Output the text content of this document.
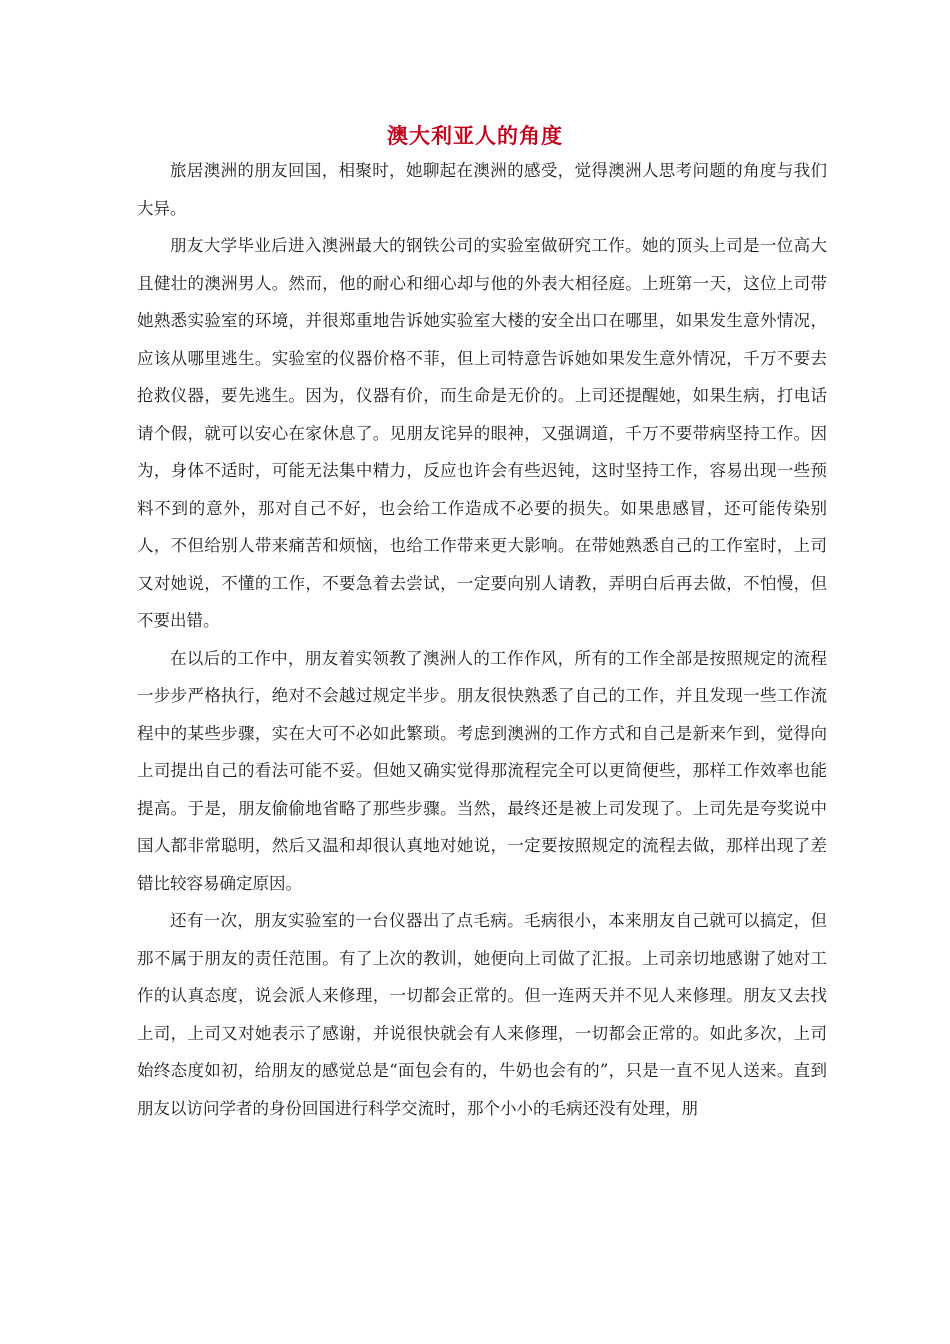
澳大利亚人的角度

旅居澳洲的朋友回国，相聚时，她聊起在澳洲的感受，觉得澳洲人思考问题的角度与我们大异。

朋友大学毕业后进入澳洲最大的钢铁公司的实验室做研究工作。她的顶头上司是一位高大且健壮的澳洲男人。然而，他的耐心和细心却与他的外表大相径庭。上班第一天，这位上司带她熟悉实验室的环境，并很郑重地告诉她实验室大楼的安全出口在哪里，如果发生意外情况，应该从哪里逃生。实验室的仪器价格不菲，但上司特意告诉她如果发生意外情况，千万不要去抢救仪器，要先逃生。因为，仪器有价，而生命是无价的。上司还提醒她，如果生病，打电话请个假，就可以安心在家休息了。见朋友诧异的眼神，又强调道，千万不要带病坚持工作。因为，身体不适时，可能无法集中精力，反应也许会有些迟钝，这时坚持工作，容易出现一些预料不到的意外，那对自己不好，也会给工作造成不必要的损失。如果患感冒，还可能传染别人，不但给别人带来痛苦和烦恼，也给工作带来更大影响。在带她熟悉自己的工作室时，上司又对她说，不懂的工作，不要急着去尝试，一定要向别人请教，弄明白后再去做，不怕慢，但不要出错。

在以后的工作中，朋友着实领教了澳洲人的工作作风，所有的工作全部是按照规定的流程一步步严格执行，绝对不会越过规定半步。朋友很快熟悉了自己的工作，并且发现一些工作流程中的某些步骤，实在大可不必如此繁琐。考虑到澳洲的工作方式和自己是新来乍到，觉得向上司提出自己的看法可能不妥。但她又确实觉得那流程完全可以更简便些，那样工作效率也能提高。于是，朋友偷偷地省略了那些步骤。当然，最终还是被上司发现了。上司先是夸奖说中国人都非常聪明，然后又温和却很认真地对她说，一定要按照规定的流程去做，那样出现了差错比较容易确定原因。

还有一次，朋友实验室的一台仪器出了点毛病。毛病很小，本来朋友自己就可以搞定，但那不属于朋友的责任范围。有了上次的教训，她便向上司做了汇报。上司亲切地感谢了她对工作的认真态度，说会派人来修理，一切都会正常的。但一连两天并不见人来修理。朋友又去找上司，上司又对她表示了感谢，并说很快就会有人来修理，一切都会正常的。如此多次，上司始终态度如初，给朋友的感觉总是“面包会有的，牛奶也会有的”，只是一直不见人送来。直到朋友以访问学者的身份回国进行科学交流时，那个小小的毛病还没有处理，朋
